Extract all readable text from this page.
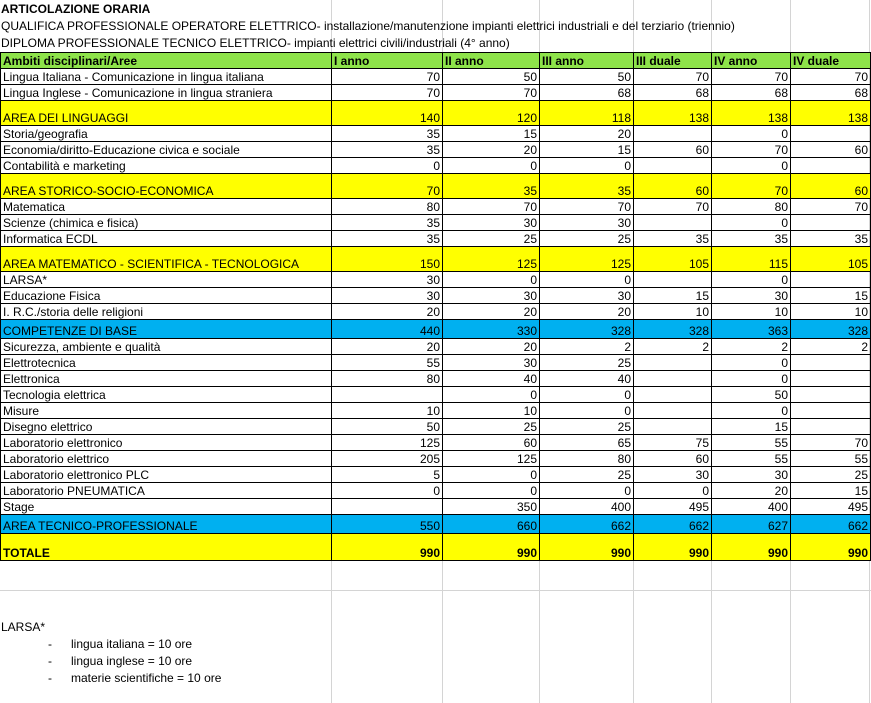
ARTICOLAZIONE ORARIA
QUALIFICA PROFESSIONALE OPERATORE ELETTRICO- installazione/manutenzione impianti elettrici industriali e del terziario (triennio)
DIPLOMA PROFESSIONALE TECNICO ELETTRICO- impianti elettrici civili/industriali (4° anno)
Ambiti disciplinari/Aree	I anno	II anno	III anno	III duale	IV anno	IV duale
Lingua Italiana - Comunicazione in lingua italiana	70	50	50	70	70	70
Lingua Inglese - Comunicazione in lingua straniera	70	70	68	68	68	68
AREA DEI LINGUAGGI	140	120	118	138	138	138
Storia/geografia	35	15	20		0	
Economia/diritto-Educazione civica e sociale	35	20	15	60	70	60
Contabilità e marketing	0	0	0		0	
AREA STORICO-SOCIO-ECONOMICA	70	35	35	60	70	60
Matematica	80	70	70	70	80	70
Scienze (chimica e fisica)	35	30	30		0	
Informatica ECDL	35	25	25	35	35	35
AREA MATEMATICO - SCIENTIFICA - TECNOLOGICA	150	125	125	105	115	105
LARSA*	30	0	0		0	
Educazione Fisica	30	30	30	15	30	15
I. R.C./storia delle religioni	20	20	20	10	10	10
COMPETENZE DI BASE	440	330	328	328	363	328
Sicurezza, ambiente e qualità	20	20	2	2	2	2
Elettrotecnica	55	30	25		0	
Elettronica	80	40	40		0	
Tecnologia elettrica		0	0		50	
Misure	10	10	0		0	
Disegno elettrico	50	25	25		15	
Laboratorio elettronico	125	60	65	75	55	70
Laboratorio elettrico	205	125	80	60	55	55
Laboratorio elettronico PLC	5	0	25	30	30	25
Laboratorio PNEUMATICA	0	0	0	0	20	15
Stage		350	400	495	400	495
AREA TECNICO-PROFESSIONALE	550	660	662	662	627	662
TOTALE	990	990	990	990	990	990
LARSA*
- lingua italiana = 10 ore
- lingua inglese = 10 ore
- materie scientifiche = 10 ore
